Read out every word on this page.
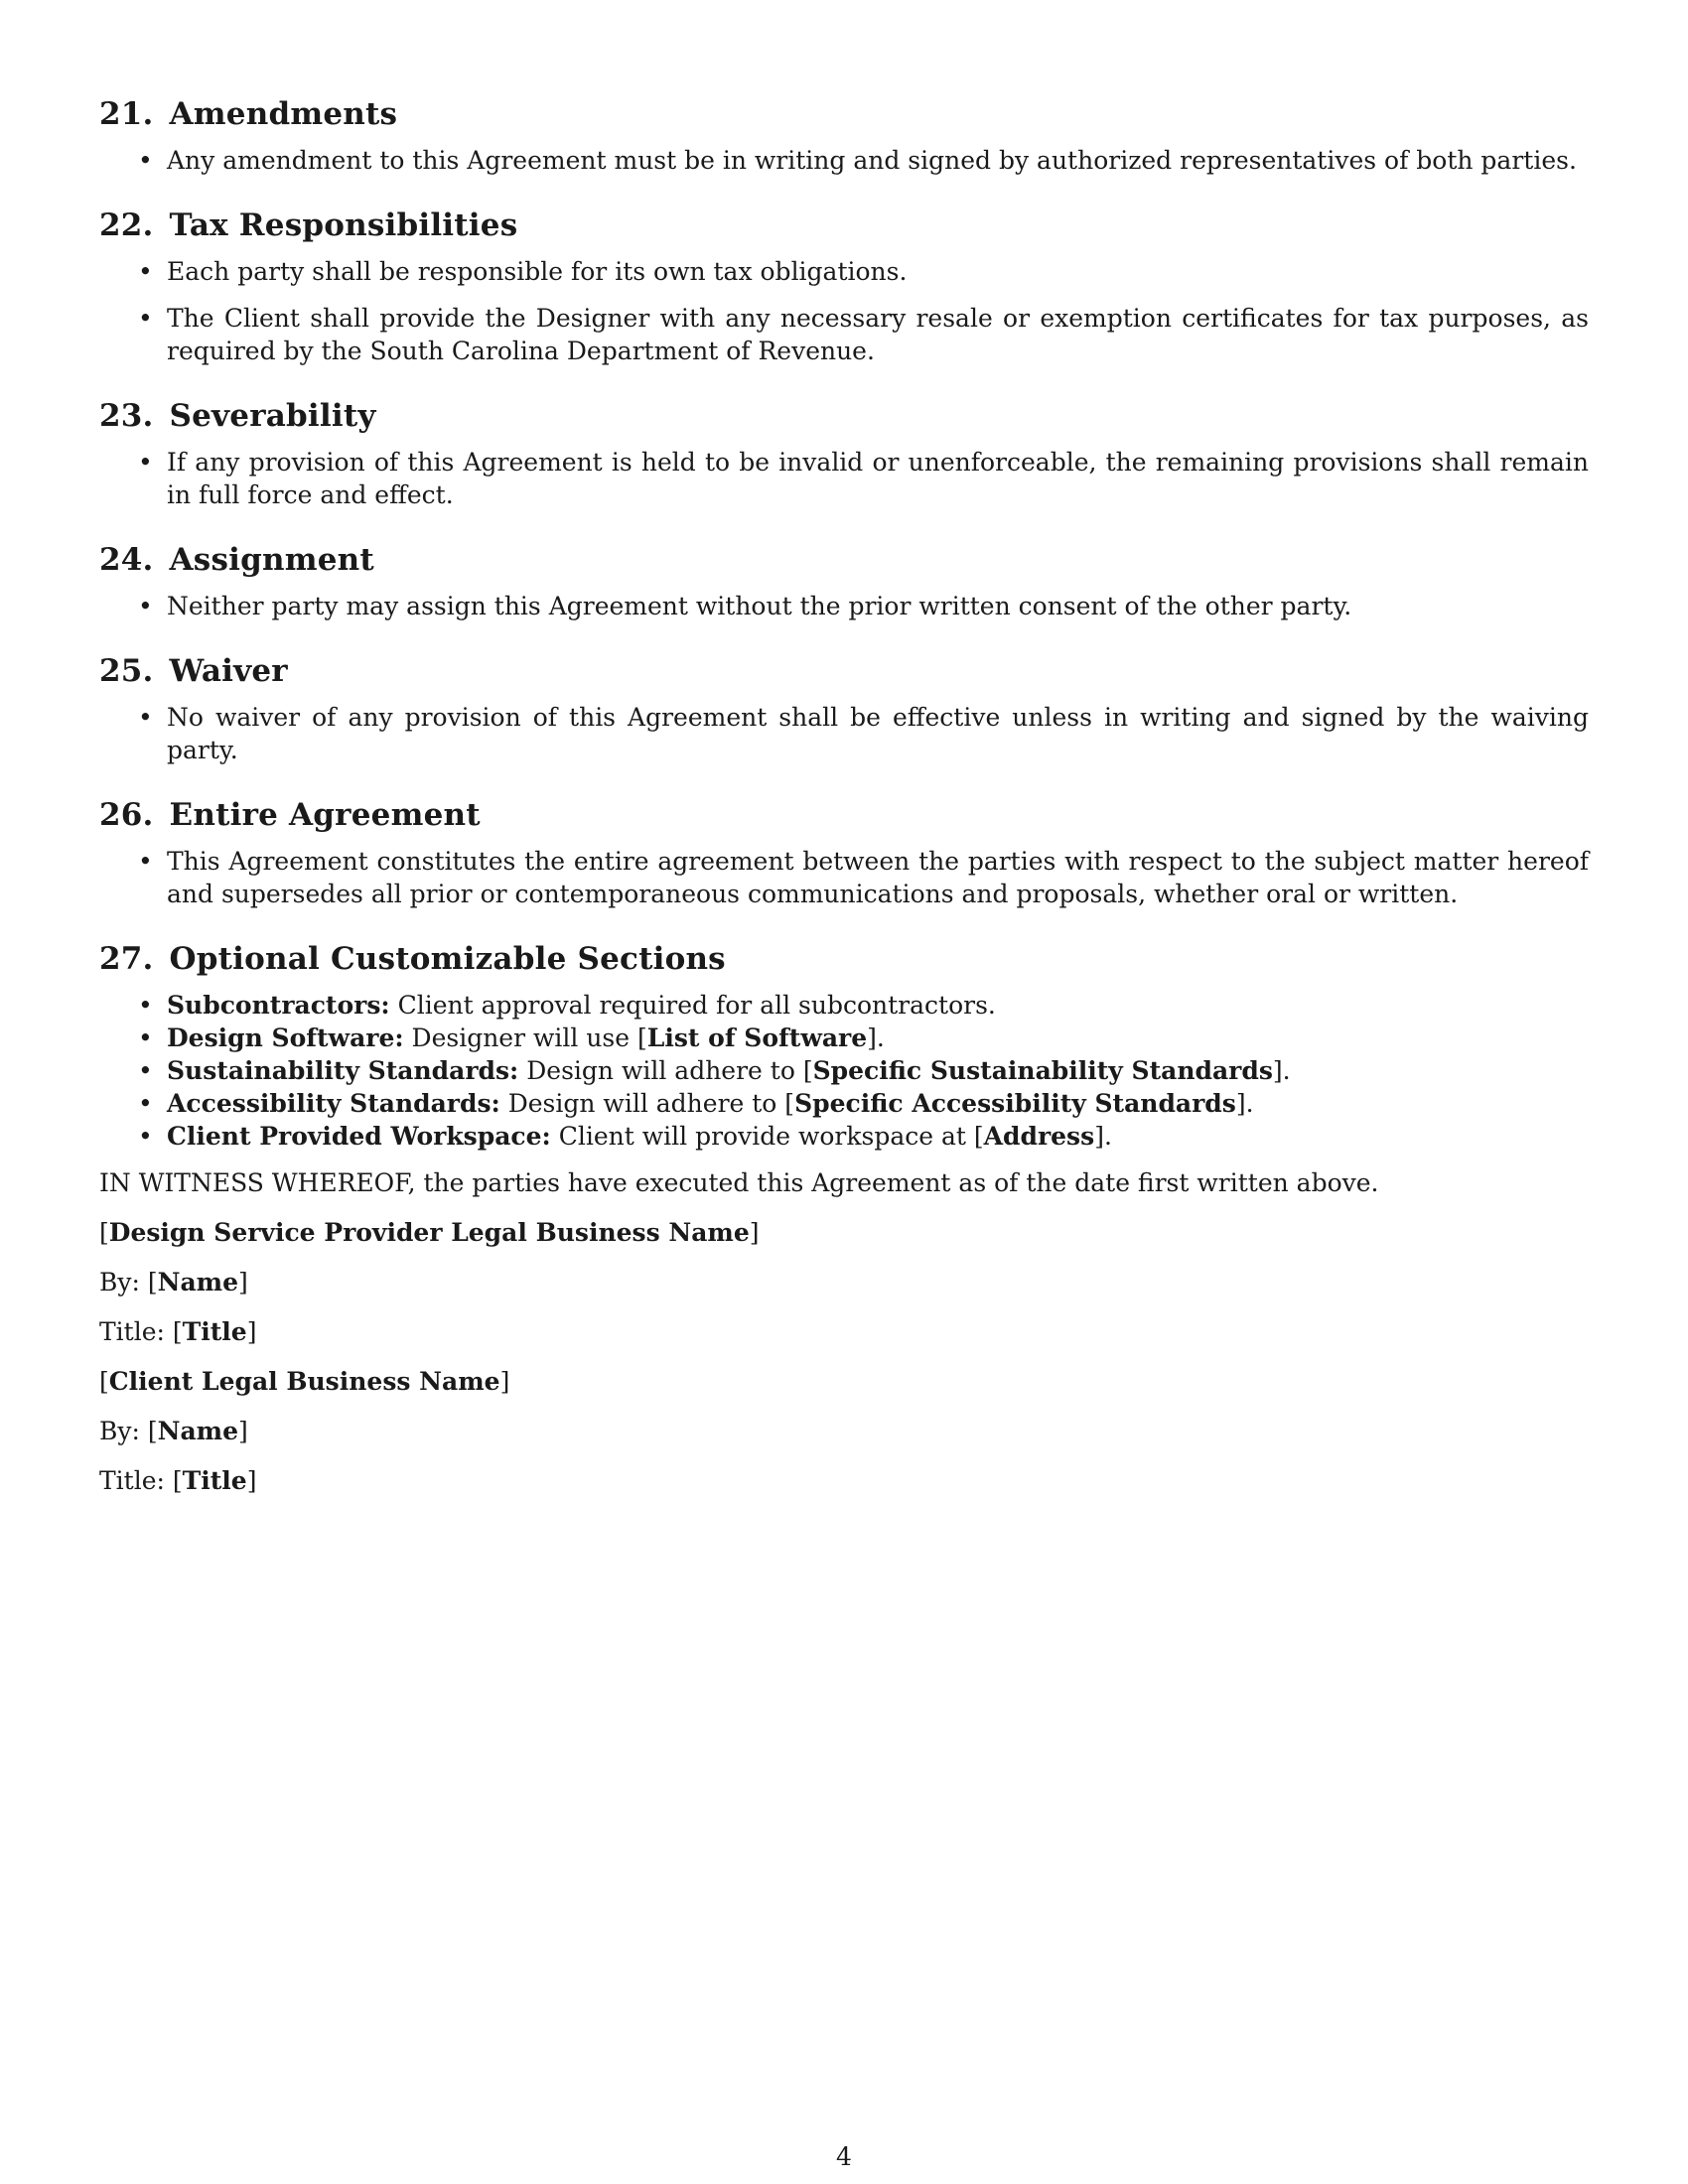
21. Amendments
• Any amendment to this Agreement must be in writing and signed by authorized representatives of both parties.
22. Tax Responsibilities
• Each party shall be responsible for its own tax obligations.
• The Client shall provide the Designer with any necessary resale or exemption certificates for tax purposes, as required by the South Carolina Department of Revenue.
23. Severability
• If any provision of this Agreement is held to be invalid or unenforceable, the remaining provisions shall remain in full force and effect.
24. Assignment
• Neither party may assign this Agreement without the prior written consent of the other party.
25. Waiver
• No waiver of any provision of this Agreement shall be effective unless in writing and signed by the waiving party.
26. Entire Agreement
• This Agreement constitutes the entire agreement between the parties with respect to the subject matter hereof and supersedes all prior or contemporaneous communications and proposals, whether oral or written.
27. Optional Customizable Sections
• Subcontractors: Client approval required for all subcontractors.
• Design Software: Designer will use [List of Software].
• Sustainability Standards: Design will adhere to [Specific Sustainability Standards].
• Accessibility Standards: Design will adhere to [Specific Accessibility Standards].
• Client Provided Workspace: Client will provide workspace at [Address].

IN WITNESS WHEREOF, the parties have executed this Agreement as of the date first written above.

[Design Service Provider Legal Business Name]

By: [Name]

Title: [Title]

[Client Legal Business Name]

By: [Name]

Title: [Title]

4
